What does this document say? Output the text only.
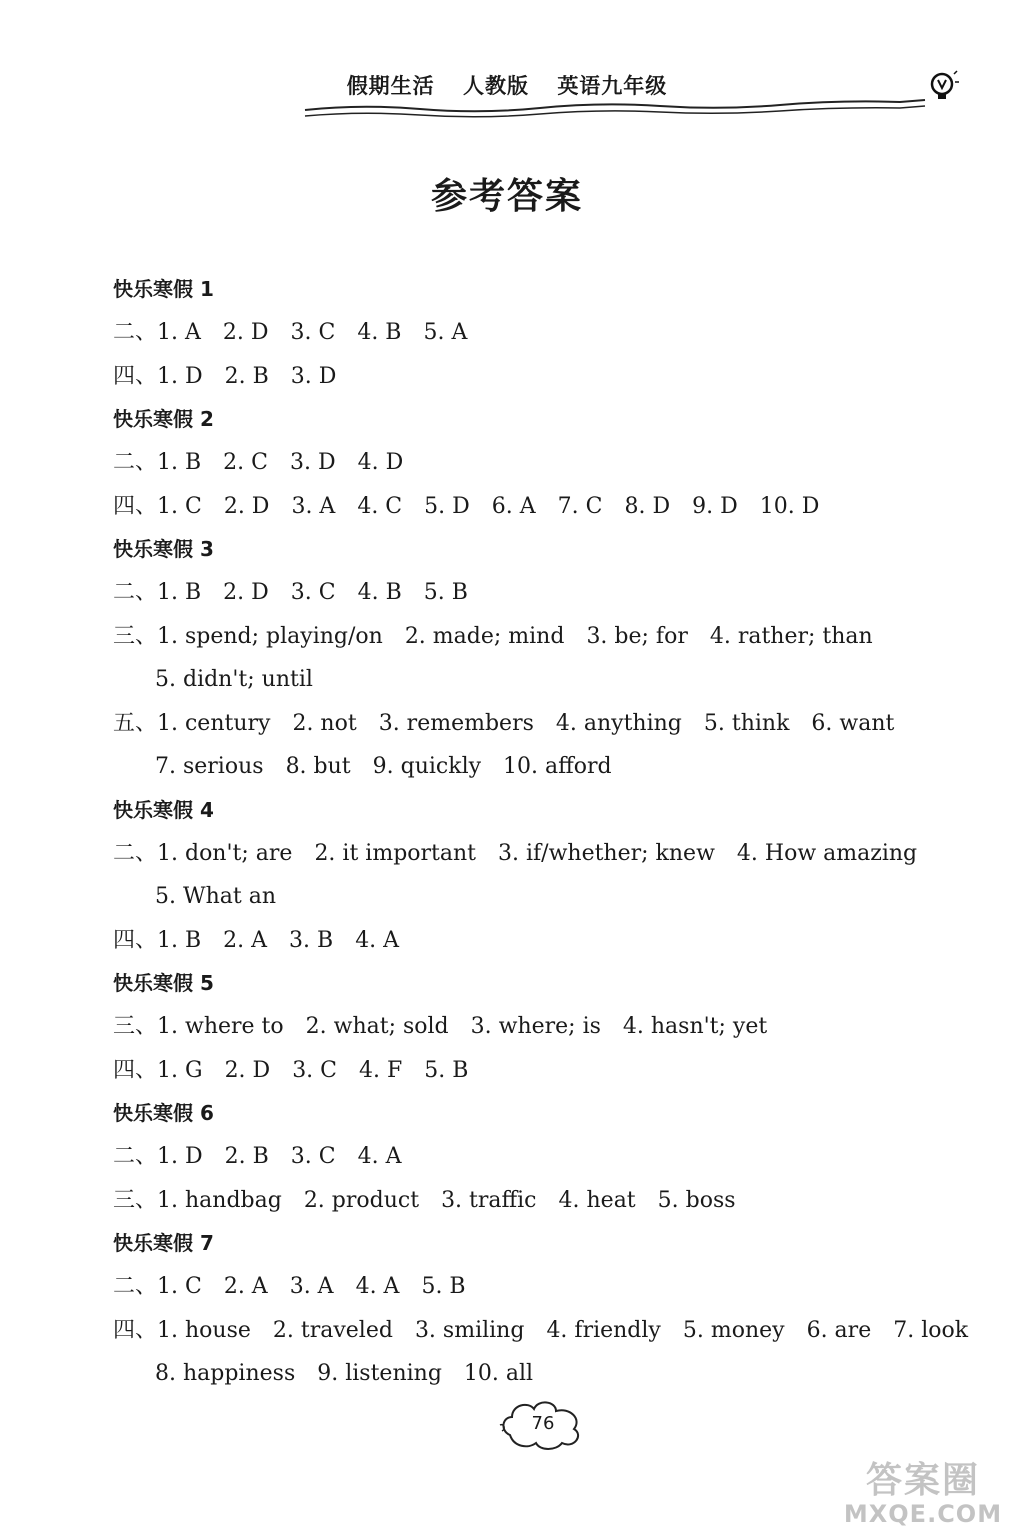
假期生活 人教版 英语九年级
参考答案
快乐寒假 1
二、1. A 2. D 3. C 4. B 5. A
四、1. D 2. B 3. D
快乐寒假 2
二、1. B 2. C 3. D 4. D
四、1. C 2. D 3. A 4. C 5. D 6. A 7. C 8. D 9. D 10. D
快乐寒假 3
二、1. B 2. D 3. C 4. B 5. B
三、1. spend; playing/on 2. made; mind 3. be; for 4. rather; than
5. didn't; until
五、1. century 2. not 3. remembers 4. anything 5. think 6. want
7. serious 8. but 9. quickly 10. afford
快乐寒假 4
二、1. don't; are 2. it important 3. if/whether; knew 4. How amazing
5. What an
四、1. B 2. A 3. B 4. A
快乐寒假 5
三、1. where to 2. what; sold 3. where; is 4. hasn't; yet
四、1. G 2. D 3. C 4. F 5. B
快乐寒假 6
二、1. D 2. B 3. C 4. A
三、1. handbag 2. product 3. traffic 4. heat 5. boss
快乐寒假 7
二、1. C 2. A 3. A 4. A 5. B
四、1. house 2. traveled 3. smiling 4. friendly 5. money 6. are 7. look
8. happiness 9. listening 10. all
76
答案圈
MXQE.COM
